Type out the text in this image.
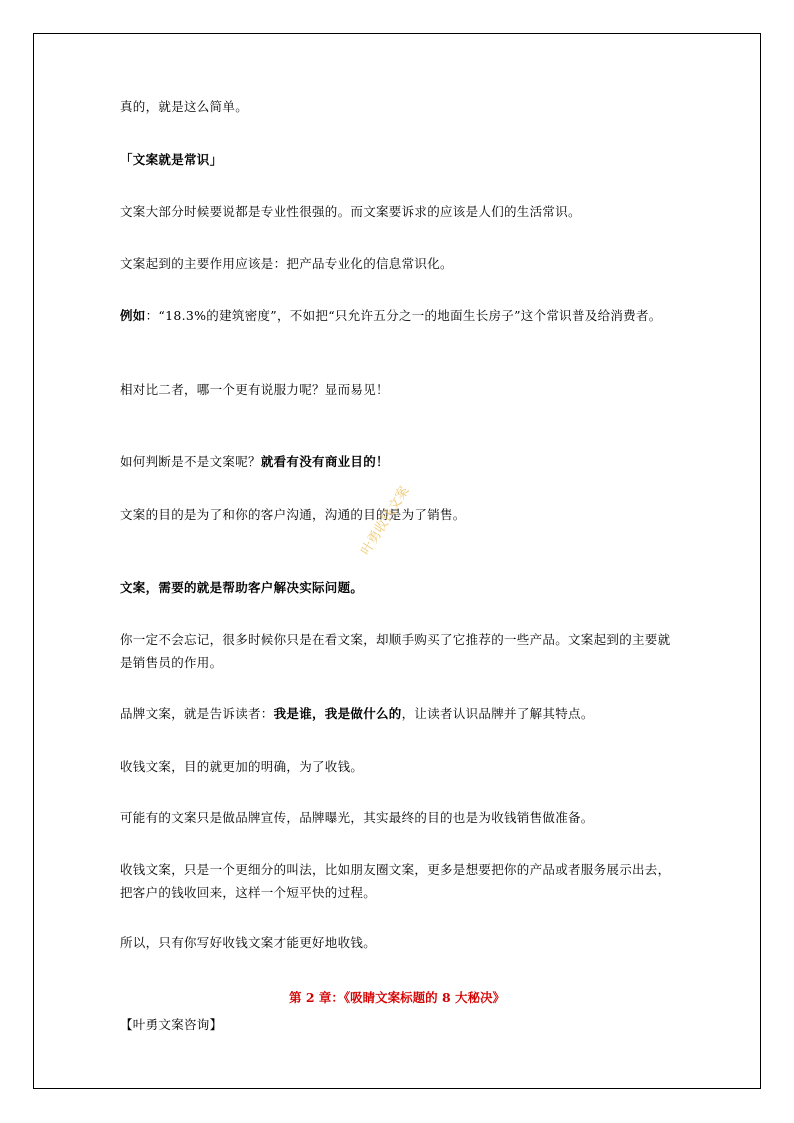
真的，就是这么简单。

「文案就是常识」

文案大部分时候要说都是专业性很强的。而文案要诉求的应该是人们的生活常识。

文案起到的主要作用应该是：把产品专业化的信息常识化。

例如：“18.3%的建筑密度”，不如把“只允许五分之一的地面生长房子”这个常识普及给消费者。

相对比二者，哪一个更有说服力呢？显而易见！

如何判断是不是文案呢？就看有没有商业目的！

文案的目的是为了和你的客户沟通，沟通的目的是为了销售。

文案，需要的就是帮助客户解决实际问题。

你一定不会忘记，很多时候你只是在看文案，却顺手购买了它推荐的一些产品。文案起到的主要就是销售员的作用。

品牌文案，就是告诉读者：我是谁，我是做什么的，让读者认识品牌并了解其特点。

收钱文案，目的就更加的明确，为了收钱。

可能有的文案只是做品牌宣传，品牌曝光，其实最终的目的也是为收钱销售做准备。

收钱文案，只是一个更细分的叫法，比如朋友圈文案，更多是想要把你的产品或者服务展示出去，把客户的钱收回来，这样一个短平快的过程。

所以，只有你写好收钱文案才能更好地收钱。

第 2 章：《吸睛文案标题的 8 大秘决》

【叶勇文案咨询】

叶勇收钱文案
